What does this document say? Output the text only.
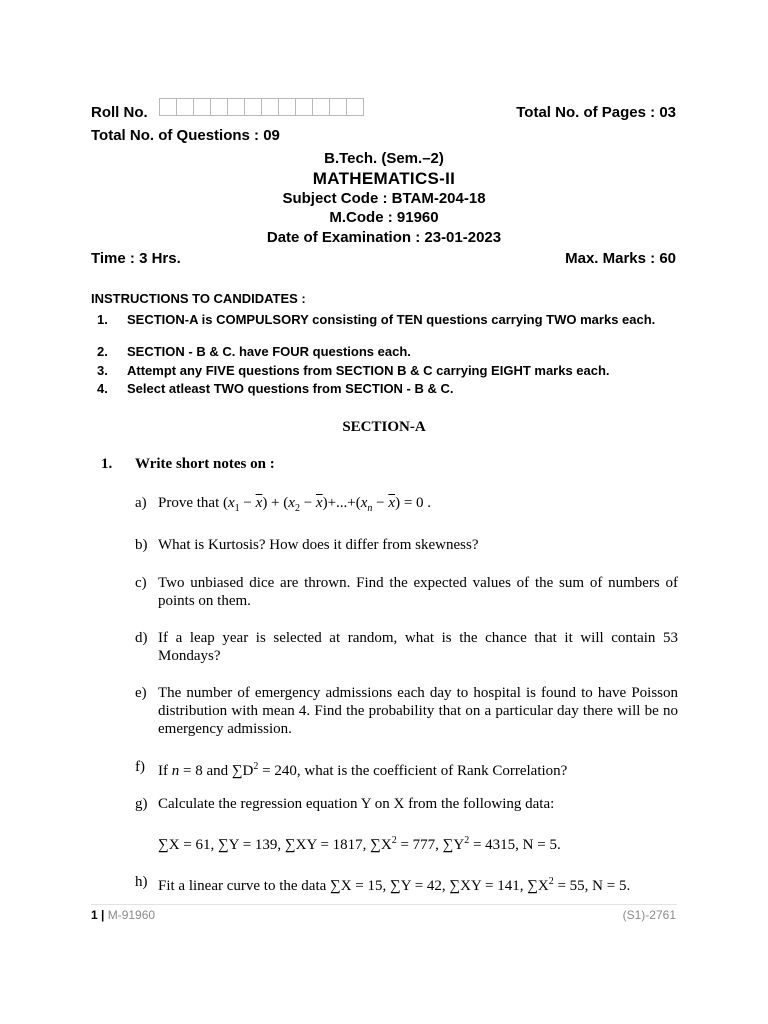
Roll No.	Total No. of Pages : 03
Total No. of Questions : 09
B.Tech. (Sem.–2)
MATHEMATICS-II
Subject Code : BTAM-204-18
M.Code : 91960
Date of Examination : 23-01-2023
Time : 3 Hrs.	Max. Marks : 60
INSTRUCTIONS TO CANDIDATES :
1. SECTION-A is COMPULSORY consisting of TEN questions carrying TWO marks each.
2. SECTION - B & C. have FOUR questions each.
3. Attempt any FIVE questions from SECTION B & C carrying EIGHT marks each.
4. Select atleast TWO questions from SECTION - B & C.
SECTION-A
1. Write short notes on :
a) Prove that $(x_1 - \overline{x}) + (x_2 - \overline{x})+...+(x_n - \overline{x}) = 0$ .
b) What is Kurtosis? How does it differ from skewness?
c) Two unbiased dice are thrown. Find the expected values of the sum of numbers of points on them.
d) If a leap year is selected at random, what is the chance that it will contain 53 Mondays?
e) The number of emergency admissions each day to hospital is found to have Poisson distribution with mean 4. Find the probability that on a particular day there will be no emergency admission.
f) If n = 8 and $\sum D^2 = 240$, what is the coefficient of Rank Correlation?
g) Calculate the regression equation Y on X from the following data:
∑X = 61, ∑Y = 139, ∑XY = 1817, $\sum X^2 = 777$, $\sum Y^2 = 4315$, N = 5.
h) Fit a linear curve to the data ∑X = 15, ∑Y = 42, ∑XY = 141, $\sum X^2 = 55$, N = 5.
1 | M-91960	(S1)-2761
